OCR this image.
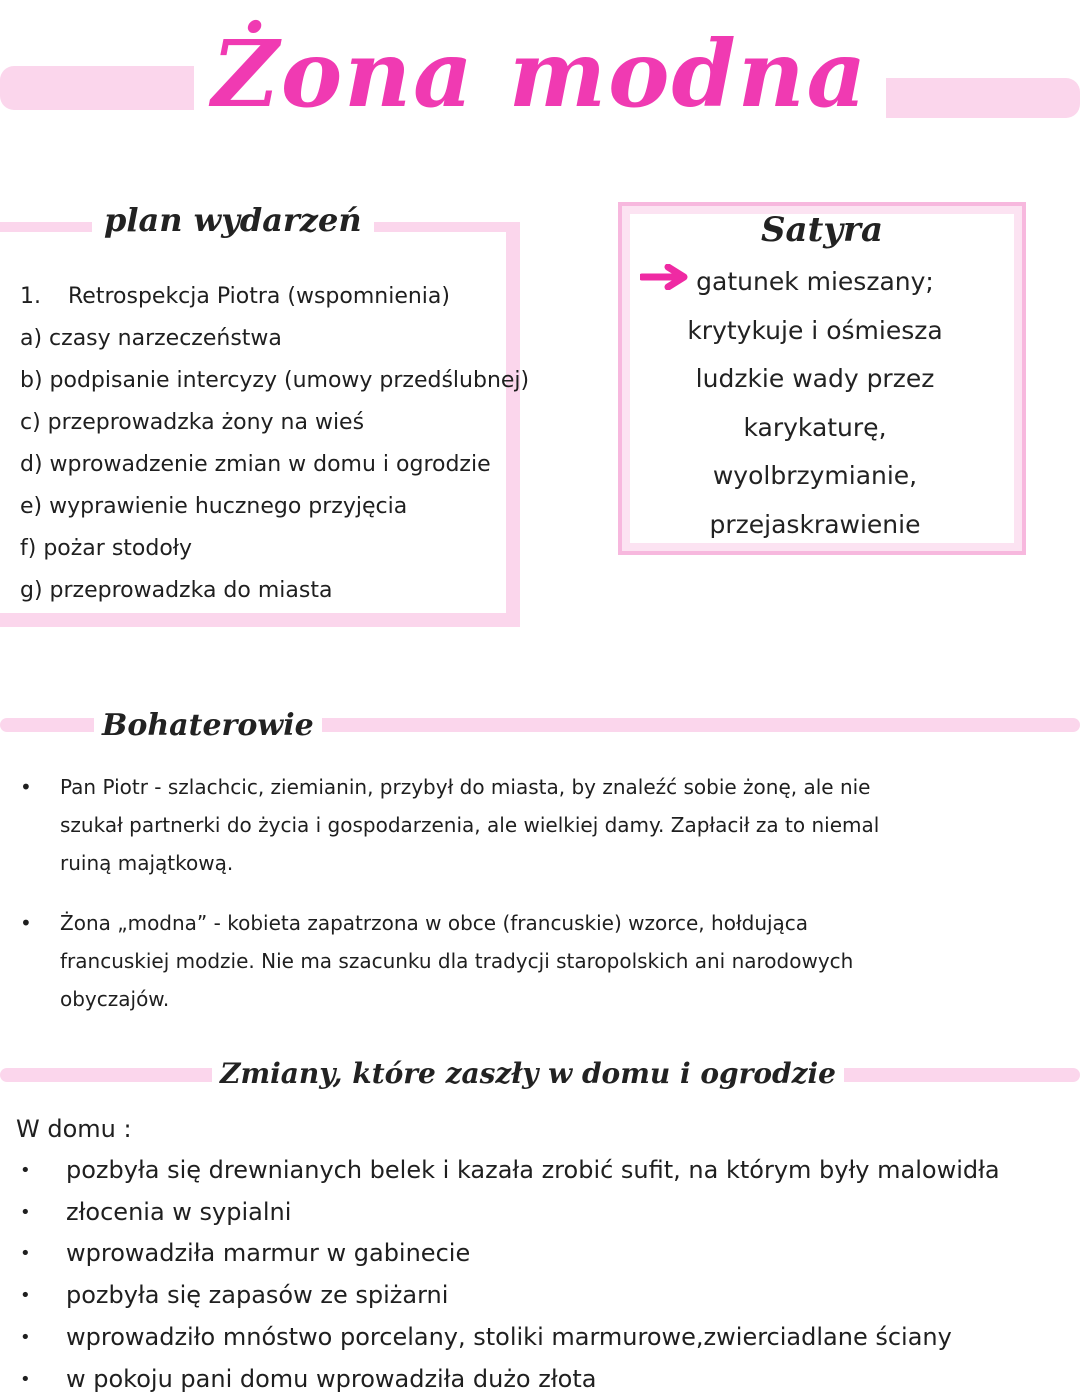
Żona modna
plan wydarzeń
1. Retrospekcja Piotra (wspomnienia)
a) czasy narzeczeństwa
b) podpisanie intercyzy (umowy przedślubnej)
c) przeprowadzka żony na wieś
d) wprowadzenie zmian w domu i ogrodzie
e) wyprawienie hucznego przyjęcia
f) pożar stodoły
g) przeprowadzka do miasta
Satyra
gatunek mieszany;
krytykuje i ośmiesza
ludzkie wady przez
karykaturę,
wyolbrzymianie,
przejaskrawienie
Bohaterowie
• Pan Piotr - szlachcic, ziemianin, przybył do miasta, by znaleźć sobie żonę, ale nie
szukał partnerki do życia i gospodarzenia, ale wielkiej damy. Zapłacił za to niemal
ruiną majątkową.
• Żona „modna” - kobieta zapatrzona w obce (francuskie) wzorce, hołdująca
francuskiej modzie. Nie ma szacunku dla tradycji staropolskich ani narodowych
obyczajów.
Zmiany, które zaszły w domu i ogrodzie
W domu :
• pozbyła się drewnianych belek i kazała zrobić sufit, na którym były malowidła
• złocenia w sypialni
• wprowadziła marmur w gabinecie
• pozbyła się zapasów ze spiżarni
• wprowadziło mnóstwo porcelany, stoliki marmurowe,zwierciadlane ściany
• w pokoju pani domu wprowadziła dużo złota
